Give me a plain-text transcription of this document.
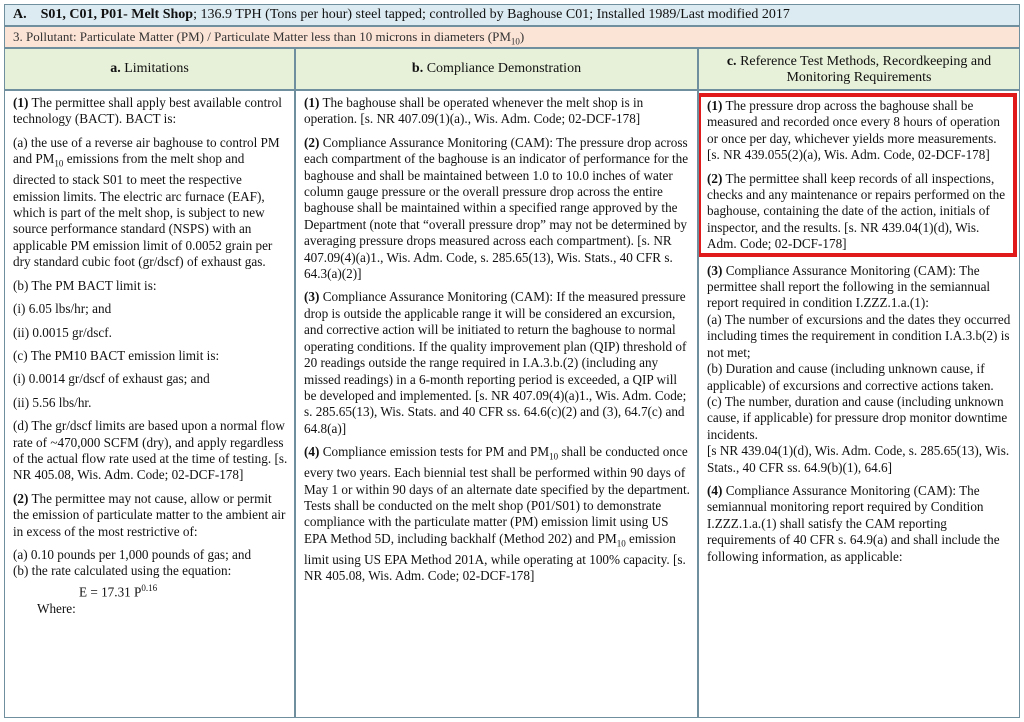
A. S01, C01, P01- Melt Shop; 136.9 TPH (Tons per hour) steel tapped; controlled by Baghouse C01; Installed 1989/Last modified 2017
3. Pollutant: Particulate Matter (PM) / Particulate Matter less than 10 microns in diameters $(PM_{10})$
a. Limitations	b. Compliance Demonstration	c. Reference Test Methods, Recordkeeping and Monitoring Requirements

(1) The permittee shall apply best available control technology (BACT). BACT is:

(a) the use of a reverse air baghouse to control PM and $PM_{10}$ emissions from the melt shop and directed to stack S01 to meet the respective emission limits. The electric arc furnace (EAF), which is part of the melt shop, is subject to new source performance standard (NSPS) with an applicable PM emission limit of 0.0052 grain per dry standard cubic foot (gr/dscf) of exhaust gas.

(b) The PM BACT limit is:

(i) 6.05 lbs/hr; and

(ii) 0.0015 gr/dscf.

(c) The PM10 BACT emission limit is:

(i) 0.0014 gr/dscf of exhaust gas; and

(ii) 5.56 lbs/hr.

(d) The gr/dscf limits are based upon a normal flow rate of ~470,000 SCFM (dry), and apply regardless of the actual flow rate used at the time of testing. [s. NR 405.08, Wis. Adm. Code; 02-DCF-178]

(2) The permittee may not cause, allow or permit the emission of particulate matter to the ambient air in excess of the most restrictive of:

(a) 0.10 pounds per 1,000 pounds of gas; and

(b) the rate calculated using the equation:

E = 17.31 $P^{0.16}$

Where:

(1) The baghouse shall be operated whenever the melt shop is in operation. [s. NR 407.09(1)(a)., Wis. Adm. Code; 02-DCF-178]

(2) Compliance Assurance Monitoring (CAM): The pressure drop across each compartment of the baghouse is an indicator of performance for the baghouse and shall be maintained between 1.0 to 10.0 inches of water column gauge pressure or the overall pressure drop across the entire baghouse shall be maintained within a specified range approved by the Department (note that “overall pressure drop” may not be determined by averaging pressure drops measured across each compartment). [s. NR 407.09(4)(a)1., Wis. Adm. Code, s. 285.65(13), Wis. Stats., 40 CFR s. 64.3(a)(2)]

(3) Compliance Assurance Monitoring (CAM): If the measured pressure drop is outside the applicable range it will be considered an excursion, and corrective action will be initiated to return the baghouse to normal operating conditions. If the quality improvement plan (QIP) threshold of 20 readings outside the range required in I.A.3.b.(2) (including any missed readings) in a 6-month reporting period is exceeded, a QIP will be developed and implemented. [s. NR 407.09(4)(a)1., Wis. Adm. Code; s. 285.65(13), Wis. Stats. and 40 CFR ss. 64.6(c)(2) and (3), 64.7(c) and 64.8(a)]

(4) Compliance emission tests for PM and $PM_{10}$ shall be conducted once every two years. Each biennial test shall be performed within 90 days of May 1 or within 90 days of an alternate date specified by the department. Tests shall be conducted on the melt shop (P01/S01) to demonstrate compliance with the particulate matter (PM) emission limit using US EPA Method 5D, including backhalf (Method 202) and $PM_{10}$ emission limit using US EPA Method 201A, while operating at 100% capacity. [s. NR 405.08, Wis. Adm. Code; 02-DCF-178]

(1) The pressure drop across the baghouse shall be measured and recorded once every 8 hours of operation or once per day, whichever yields more measurements. [s. NR 439.055(2)(a), Wis. Adm. Code, 02-DCF-178]

(2) The permittee shall keep records of all inspections, checks and any maintenance or repairs performed on the baghouse, containing the date of the action, initials of inspector, and the results. [s. NR 439.04(1)(d), Wis. Adm. Code; 02-DCF-178]

(3) Compliance Assurance Monitoring (CAM): The permittee shall report the following in the semiannual report required in condition I.ZZZ.1.a.(1):

(a) The number of excursions and the dates they occurred including times the requirement in condition I.A.3.b(2) is not met;

(b) Duration and cause (including unknown cause, if applicable) of excursions and corrective actions taken.

(c) The number, duration and cause (including unknown cause, if applicable) for pressure drop monitor downtime incidents.

[s NR 439.04(1)(d), Wis. Adm. Code, s. 285.65(13), Wis. Stats., 40 CFR ss. 64.9(b)(1), 64.6]

(4) Compliance Assurance Monitoring (CAM): The semiannual monitoring report required by Condition I.ZZZ.1.a.(1) shall satisfy the CAM reporting requirements of 40 CFR s. 64.9(a) and shall include the following information, as applicable:
